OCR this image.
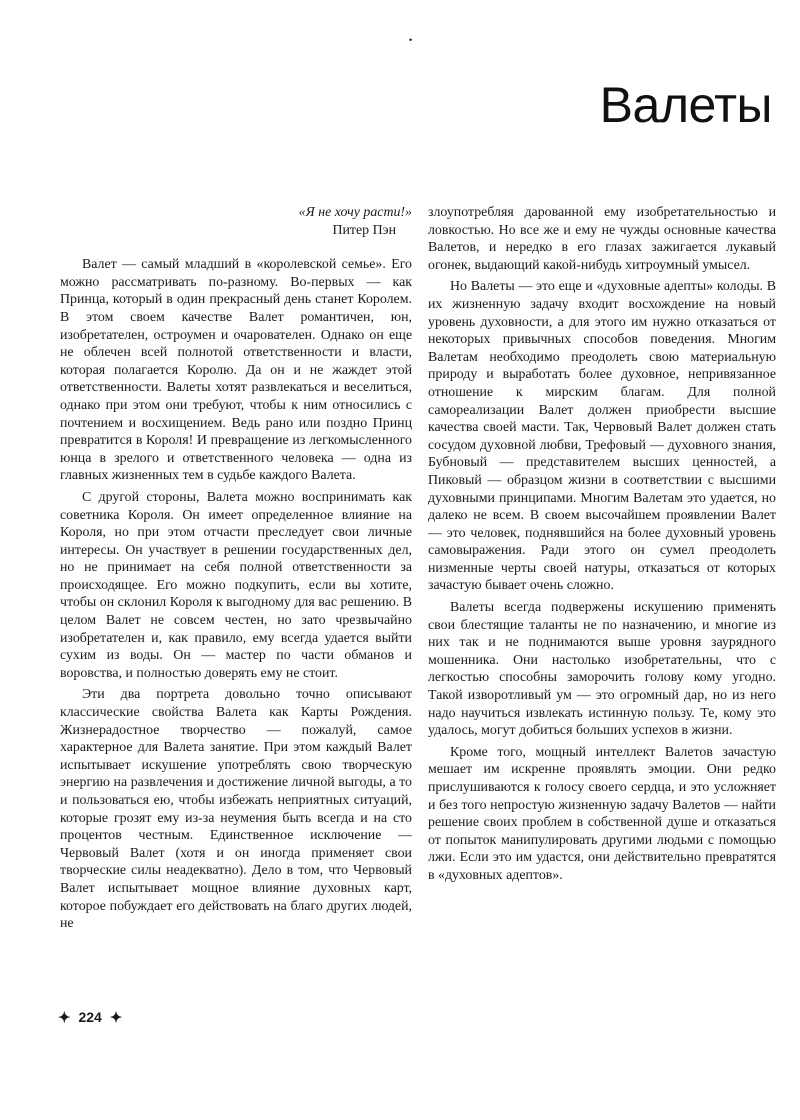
•
Валеты
«Я не хочу расти!»
Питер Пэн

Валет — самый младший в «королевской семье». Его можно рассматривать по-разному. Во-первых — как Принца, который в один прекрасный день станет Королем. В этом своем качестве Валет романтичен, юн, изобретателен, остроумен и очарователен. Однако он еще не облечен всей полнотой ответственности и власти, которая полагается Королю. Да он и не жаждет этой ответственности. Валеты хотят развлекаться и веселиться, однако при этом они требуют, чтобы к ним относились с почтением и восхищением. Ведь рано или поздно Принц превратится в Короля! И превращение из легкомысленного юнца в зрелого и ответственного человека — одна из главных жизненных тем в судьбе каждого Валета.

С другой стороны, Валета можно воспринимать как советника Короля. Он имеет определенное влияние на Короля, но при этом отчасти преследует свои личные интересы. Он участвует в решении государственных дел, но не принимает на себя полной ответственности за происходящее. Его можно подкупить, если вы хотите, чтобы он склонил Короля к выгодному для вас решению. В целом Валет не совсем честен, но зато чрезвычайно изобретателен и, как правило, ему всегда удается выйти сухим из воды. Он — мастер по части обманов и воровства, и полностью доверять ему не стоит.

Эти два портрета довольно точно описывают классические свойства Валета как Карты Рождения. Жизнерадостное творчество — пожалуй, самое характерное для Валета занятие. При этом каждый Валет испытывает искушение употреблять свою творческую энергию на развлечения и достижение личной выгоды, а то и пользоваться ею, чтобы избежать неприятных ситуаций, которые грозят ему из-за неумения быть всегда и на сто процентов честным. Единственное исключение — Червовый Валет (хотя и он иногда применяет свои творческие силы неадекватно). Дело в том, что Червовый Валет испытывает мощное влияние духовных карт, которое побуждает его действовать на благо других людей, не

злоупотребляя дарованной ему изобретательностью и ловкостью. Но все же и ему не чужды основные качества Валетов, и нередко в его глазах зажигается лукавый огонек, выдающий какой-нибудь хитроумный умысел.

Но Валеты — это еще и «духовные адепты» колоды. В их жизненную задачу входит восхождение на новый уровень духовности, а для этого им нужно отказаться от некоторых привычных способов поведения. Многим Валетам необходимо преодолеть свою материальную природу и выработать более духовное, непривязанное отношение к мирским благам. Для полной самореализации Валет должен приобрести высшие качества своей масти. Так, Червовый Валет должен стать сосудом духовной любви, Трефовый — духовного знания, Бубновый — представителем высших ценностей, а Пиковый — образцом жизни в соответствии с высшими духовными принципами. Многим Валетам это удается, но далеко не всем. В своем высочайшем проявлении Валет — это человек, поднявшийся на более духовный уровень самовыражения. Ради этого он сумел преодолеть низменные черты своей натуры, отказаться от которых зачастую бывает очень сложно.

Валеты всегда подвержены искушению применять свои блестящие таланты не по назначению, и многие из них так и не поднимаются выше уровня заурядного мошенника. Они настолько изобретательны, что с легкостью способны заморочить голову кому угодно. Такой изворотливый ум — это огромный дар, но из него надо научиться извлекать истинную пользу. Те, кому это удалось, могут добиться больших успехов в жизни.

Кроме того, мощный интеллект Валетов зачастую мешает им искренне проявлять эмоции. Они редко прислушиваются к голосу своего сердца, и это усложняет и без того непростую жизненную задачу Валетов — найти решение своих проблем в собственной душе и отказаться от попыток манипулировать другими людьми с помощью лжи. Если это им удастся, они действительно превратятся в «духовных адептов».

✦ 224 ✦
